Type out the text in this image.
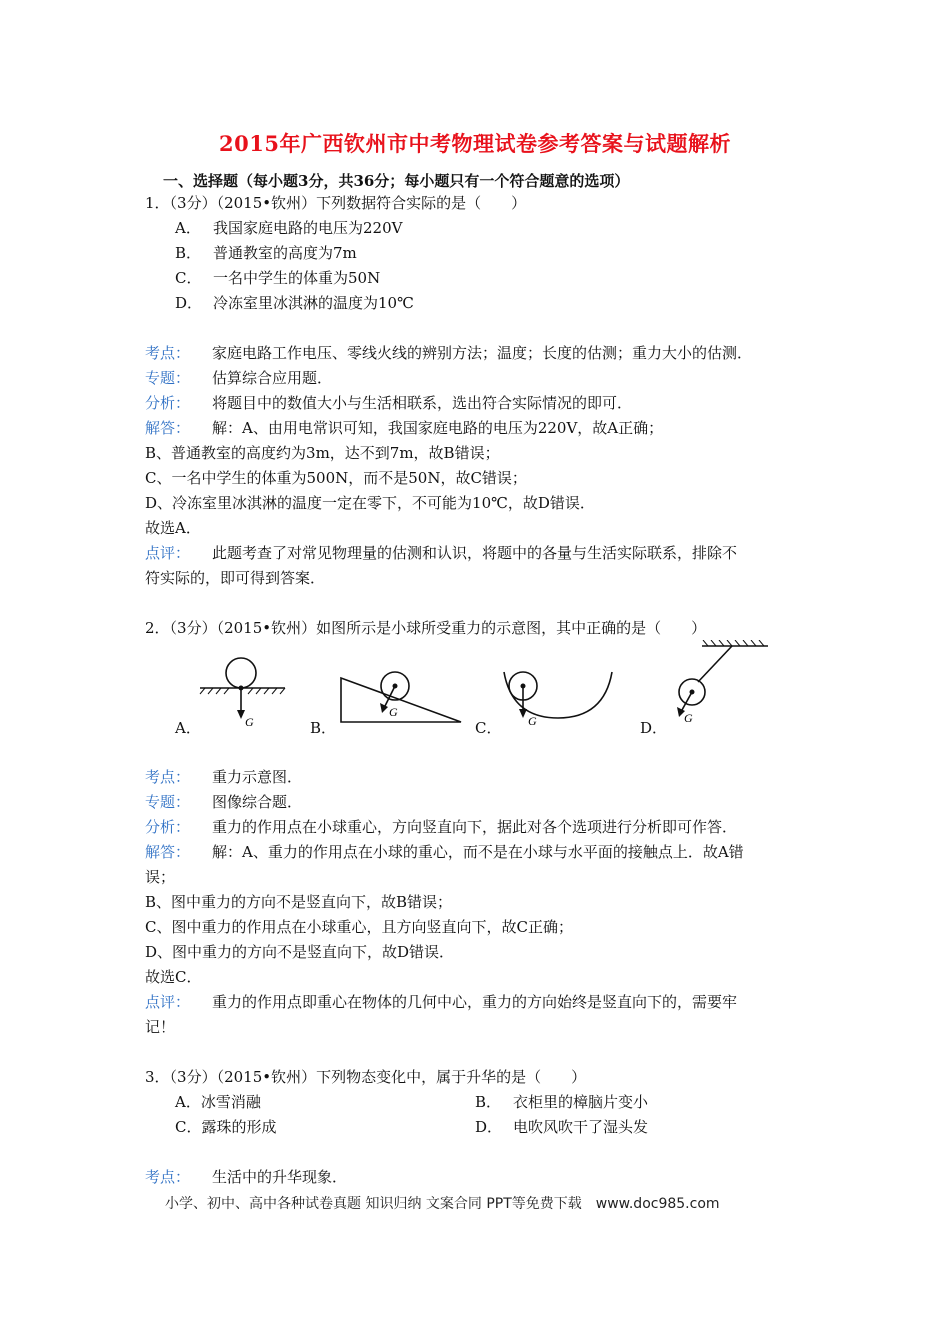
2015年广西钦州市中考物理试卷参考答案与试题解析
一、选择题（每小题3分，共36分；每小题只有一个符合题意的选项）
1．（3分）（2015•钦州）下列数据符合实际的是（　　）
A． 我国家庭电路的电压为220V
B． 普通教室的高度为7m
C． 一名中学生的体重为50N
D． 冷冻室里冰淇淋的温度为10℃
考点： 家庭电路工作电压、零线火线的辨别方法；温度；长度的估测；重力大小的估测．
专题： 估算综合应用题．
分析： 将题目中的数值大小与生活相联系，选出符合实际情况的即可．
解答： 解：A、由用电常识可知，我国家庭电路的电压为220V，故A正确；
B、普通教室的高度约为3m，达不到7m，故B错误；
C、一名中学生的体重为500N，而不是50N，故C错误；
D、冷冻室里冰淇淋的温度一定在零下，不可能为10℃，故D错误．
故选A．
点评： 此题考查了对常见物理量的估测和认识，将题中的各量与生活实际联系，排除不
符实际的，即可得到答案．
2．（3分）（2015•钦州）如图所示是小球所受重力的示意图，其中正确的是（　　）
G
G
G	G
A．	B．	C．	D．
考点： 重力示意图．
专题： 图像综合题．
分析： 重力的作用点在小球重心，方向竖直向下，据此对各个选项进行分析即可作答．
解答： 解：A、重力的作用点在小球的重心，而不是在小球与水平面的接触点上．故A错
误；
B、图中重力的方向不是竖直向下，故B错误；
C、图中重力的作用点在小球重心，且方向竖直向下，故C正确；
D、图中重力的方向不是竖直向下，故D错误．
故选C．
点评： 重力的作用点即重心在物体的几何中心，重力的方向始终是竖直向下的，需要牢
记！
3．（3分）（2015•钦州）下列物态变化中，属于升华的是（　　）
A．冰雪消融	B． 衣柜里的樟脑片变小
C．露珠的形成	D． 电吹风吹干了湿头发
考点： 生活中的升华现象．
小学、初中、高中各种试卷真题 知识归纳 文案合同 PPT等免费下载　www.doc985.com
